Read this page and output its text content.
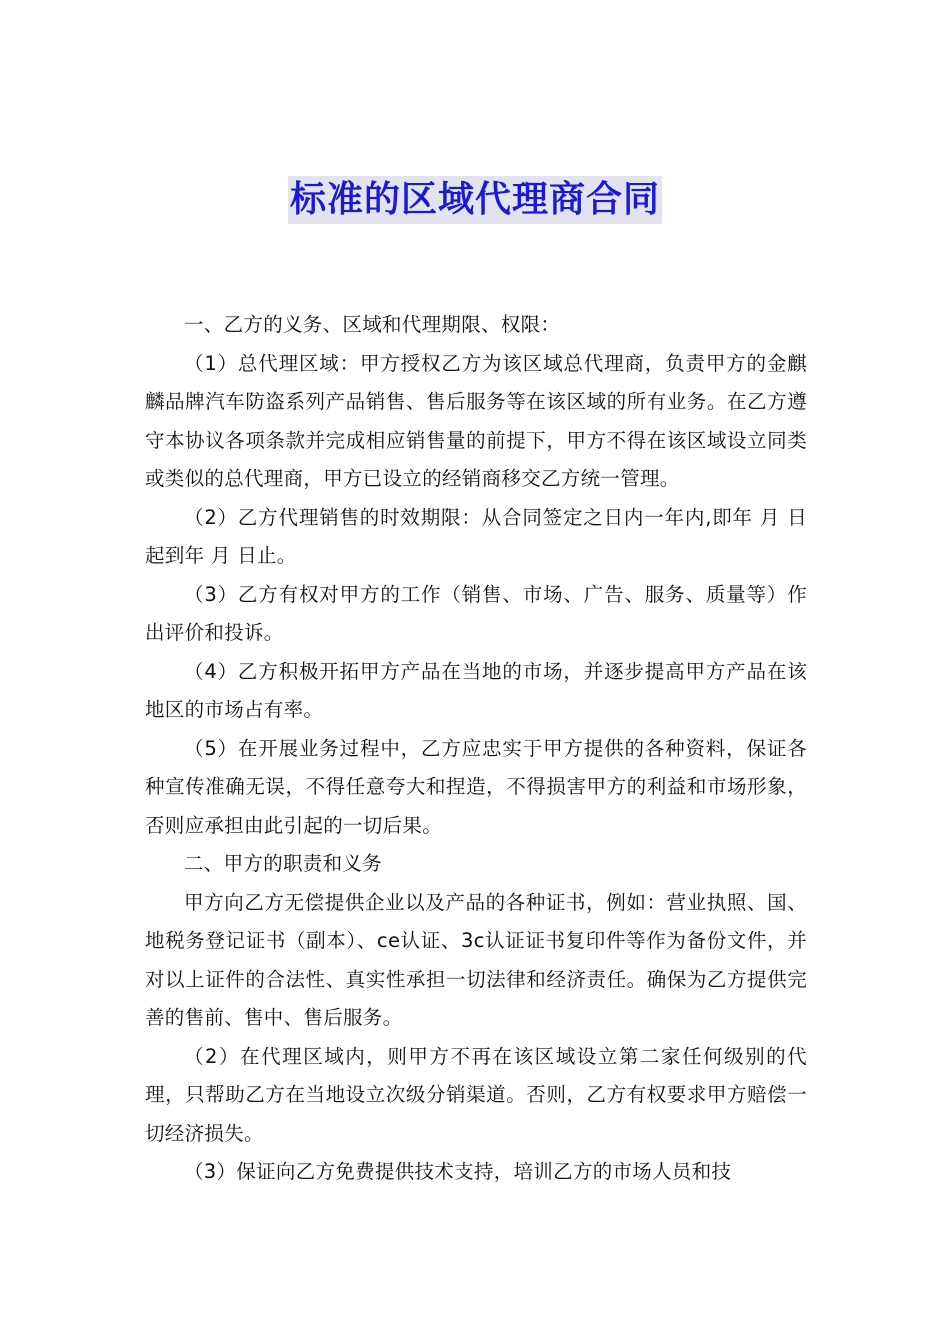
标准的区域代理商合同

一、乙方的义务、区域和代理期限、权限：

（1）总代理区域：甲方授权乙方为该区域总代理商，负责甲方的金麒麟品牌汽车防盗系列产品销售、售后服务等在该区域的所有业务。在乙方遵守本协议各项条款并完成相应销售量的前提下，甲方不得在该区域设立同类或类似的总代理商，甲方已设立的经销商移交乙方统一管理。

（2）乙方代理销售的时效期限：从合同签定之日内一年内,即年 月 日起到年 月 日止。

（3）乙方有权对甲方的工作（销售、市场、广告、服务、质量等）作出评价和投诉。

（4）乙方积极开拓甲方产品在当地的市场，并逐步提高甲方产品在该地区的市场占有率。

（5）在开展业务过程中，乙方应忠实于甲方提供的各种资料，保证各种宣传准确无误，不得任意夸大和捏造，不得损害甲方的利益和市场形象，否则应承担由此引起的一切后果。

二、甲方的职责和义务

甲方向乙方无偿提供企业以及产品的各种证书，例如：营业执照、国、地税务登记证书（副本）、ce认证、3c认证证书复印件等作为备份文件，并对以上证件的合法性、真实性承担一切法律和经济责任。确保为乙方提供完善的售前、售中、售后服务。

（2）在代理区域内，则甲方不再在该区域设立第二家任何级别的代理，只帮助乙方在当地设立次级分销渠道。否则，乙方有权要求甲方赔偿一切经济损失。

（3）保证向乙方免费提供技术支持，培训乙方的市场人员和技
